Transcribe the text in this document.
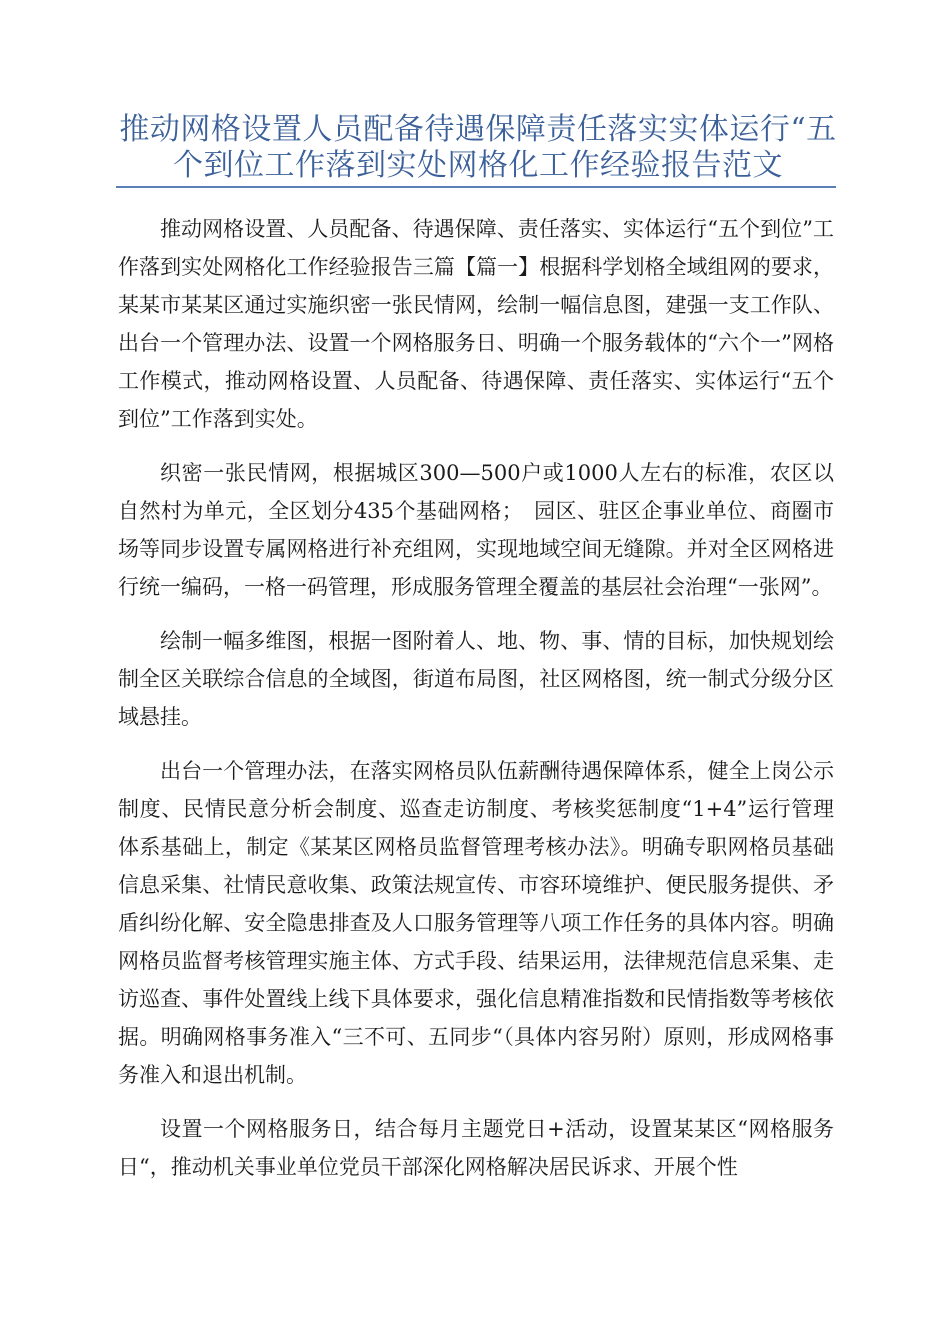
推动网格设置人员配备待遇保障责任落实实体运行“五个到位工作落到实处网格化工作经验报告范文

推动网格设置、人员配备、待遇保障、责任落实、实体运行“五个到位”工作落到实处网格化工作经验报告三篇【篇一】根据科学划格全域组网的要求，某某市某某区通过实施织密一张民情网，绘制一幅信息图，建强一支工作队、出台一个管理办法、设置一个网格服务日、明确一个服务载体的“六个一”网格工作模式，推动网格设置、人员配备、待遇保障、责任落实、实体运行“五个到位”工作落到实处。

织密一张民情网，根据城区300—500户或1000人左右的标准，农区以自然村为单元，全区划分435个基础网格；　园区、驻区企事业单位、商圈市场等同步设置专属网格进行补充组网，实现地域空间无缝隙。并对全区网格进行统一编码，一格一码管理，形成服务管理全覆盖的基层社会治理“一张网”。

绘制一幅多维图，根据一图附着人、地、物、事、情的目标，加快规划绘制全区关联综合信息的全域图，街道布局图，社区网格图，统一制式分级分区域悬挂。

出台一个管理办法，在落实网格员队伍薪酬待遇保障体系，健全上岗公示制度、民情民意分析会制度、巡查走访制度、考核奖惩制度“1+4”运行管理体系基础上，制定《某某区网格员监督管理考核办法》。明确专职网格员基础信息采集、社情民意收集、政策法规宣传、市容环境维护、便民服务提供、矛盾纠纷化解、安全隐患排查及人口服务管理等八项工作任务的具体内容。明确网格员监督考核管理实施主体、方式手段、结果运用，法律规范信息采集、走访巡查、事件处置线上线下具体要求，强化信息精准指数和民情指数等考核依据。明确网格事务准入“三不可、五同步“（具体内容另附）原则，形成网格事务准入和退出机制。

设置一个网格服务日，结合每月主题党日+活动，设置某某区“网格服务日“，推动机关事业单位党员干部深化网格解决居民诉求、开展个性
